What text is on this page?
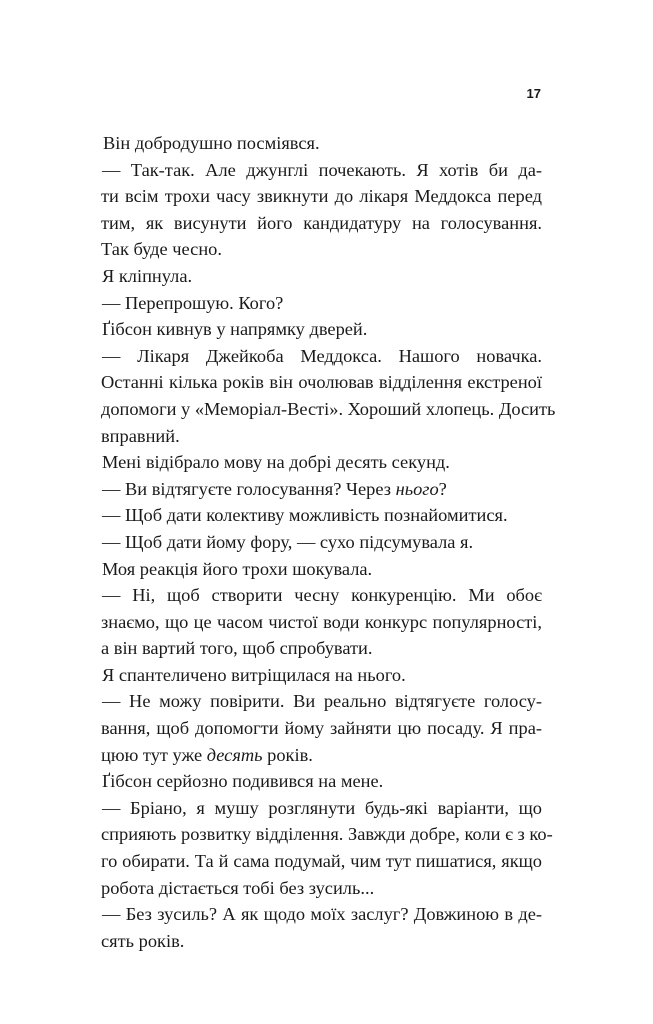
17
Він добродушно посміявся.
— Так-так. Але джунглі почекають. Я хотів би да-
ти всім трохи часу звикнути до лікаря Меддокса перед
тим, як висунути його кандидатуру на голосування.
Так буде чесно.
Я кліпнула.
— Перепрошую. Кого?
Ґібсон кивнув у напрямку дверей.
— Лікаря Джейкоба Меддокса. Нашого новачка.
Останні кілька років він очолював відділення екстреної
допомоги у «Меморіал-Весті». Хороший хлопець. Досить
вправний.
Мені відібрало мову на добрі десять секунд.
— Ви відтягуєте голосування? Через нього?
— Щоб дати колективу можливість познайомитися.
— Щоб дати йому фору, — сухо підсумувала я.
Моя реакція його трохи шокувала.
— Ні, щоб створити чесну конкуренцію. Ми обоє
знаємо, що це часом чистої води конкурс популярності,
а він вартий того, щоб спробувати.
Я спантеличено витріщилася на нього.
— Не можу повірити. Ви реально відтягуєте голосу-
вання, щоб допомогти йому зайняти цю посаду. Я пра-
цюю тут уже десять років.
Ґібсон серйозно подивився на мене.
— Бріано, я мушу розглянути будь-які варіанти, що
сприяють розвитку відділення. Завжди добре, коли є з ко-
го обирати. Та й сама подумай, чим тут пишатися, якщо
робота дістається тобі без зусиль...
— Без зусиль? А як щодо моїх заслуг? Довжиною в де-
сять років.
